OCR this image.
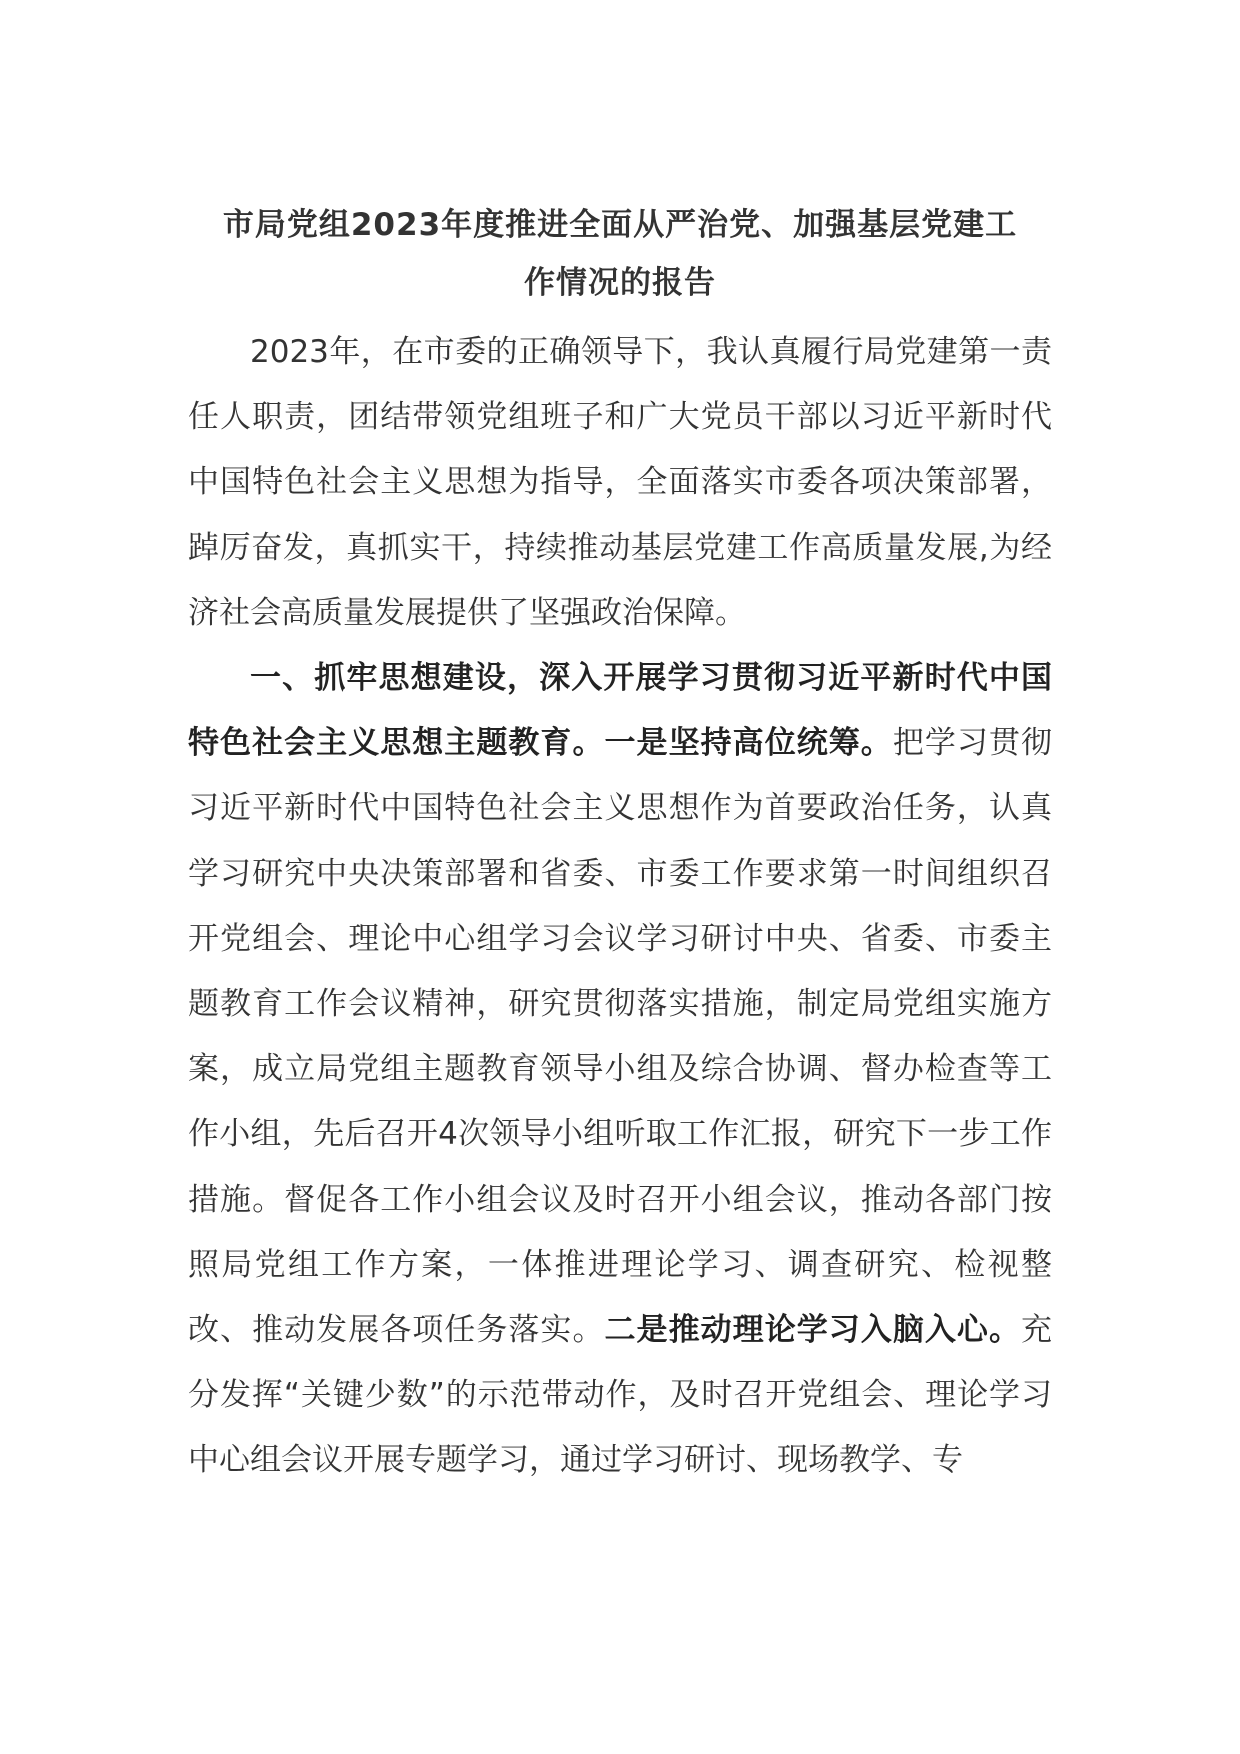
市局党组2023年度推进全面从严治党、加强基层党建工
作情况的报告

2023年，在市委的正确领导下，我认真履行局党建第一责任人职责，团结带领党组班子和广大党员干部以习近平新时代中国特色社会主义思想为指导，全面落实市委各项决策部署，踔厉奋发，真抓实干，持续推动基层党建工作高质量发展,为经济社会高质量发展提供了坚强政治保障。

一、抓牢思想建设，深入开展学习贯彻习近平新时代中国特色社会主义思想主题教育。一是坚持高位统筹。把学习贯彻习近平新时代中国特色社会主义思想作为首要政治任务，认真学习研究中央决策部署和省委、市委工作要求第一时间组织召开党组会、理论中心组学习会议学习研讨中央、省委、市委主题教育工作会议精神，研究贯彻落实措施，制定局党组实施方案，成立局党组主题教育领导小组及综合协调、督办检查等工作小组，先后召开4次领导小组听取工作汇报，研究下一步工作措施。督促各工作小组会议及时召开小组会议，推动各部门按照局党组工作方案，一体推进理论学习、调查研究、检视整改、推动发展各项任务落实。二是推动理论学习入脑入心。充分发挥“关键少数”的示范带动作，及时召开党组会、理论学习中心组会议开展专题学习，通过学习研讨、现场教学、专
